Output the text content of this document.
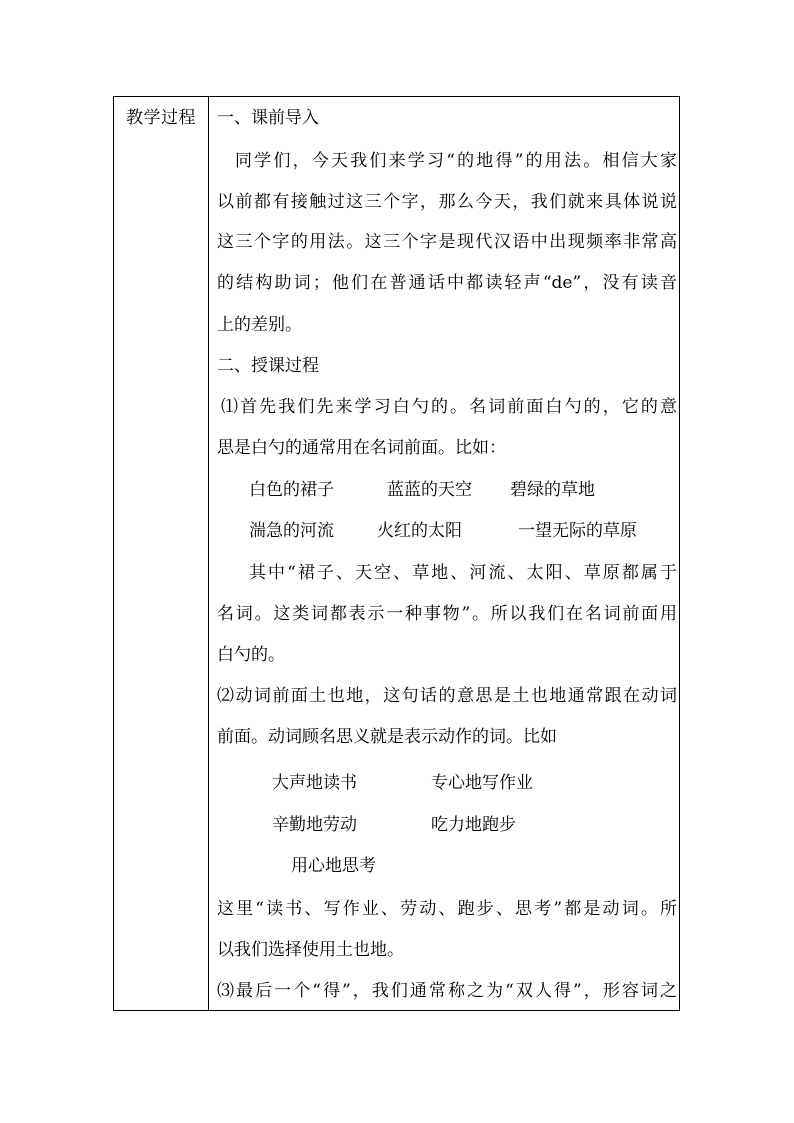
教学过程	一、课前导入
同学们，今天我们来学习“的地得”的用法。相信大家
以前都有接触过这三个字，那么今天，我们就来具体说说
这三个字的用法。这三个字是现代汉语中出现频率非常高
的结构助词；他们在普通话中都读轻声“de”，没有读音
上的差别。
二、授课过程
⑴首先我们先来学习白勺的。名词前面白勺的，它的意
思是白勺的通常用在名词前面。比如：
白色的裙子	蓝蓝的天空 碧绿的草地
湍急的河流	火红的太阳	一望无际的草原
其中“裙子、天空、草地、河流、太阳、草原都属于
名词。这类词都表示一种事物”。所以我们在名词前面用
白勺的。
⑵动词前面土也地，这句话的意思是土也地通常跟在动词
前面。动词顾名思义就是表示动作的词。比如
大声地读书	专心地写作业
辛勤地劳动	吃力地跑步
用心地思考
这里“读书、写作业、劳动、跑步、思考”都是动词。所
以我们选择使用土也地。
⑶最后一个“得”，我们通常称之为“双人得”，形容词之
